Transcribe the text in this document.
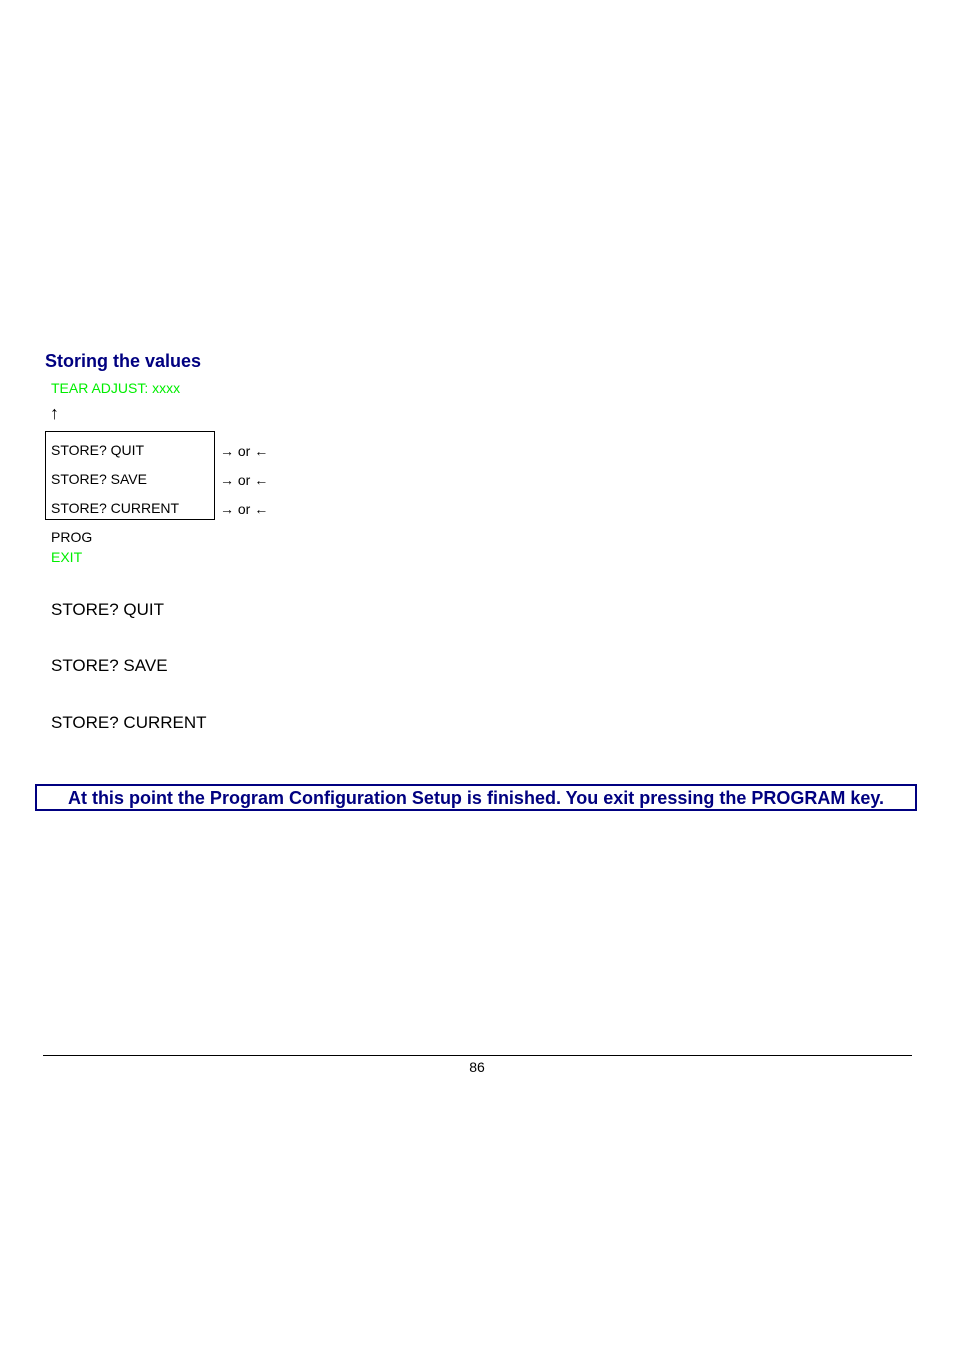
Storing the values
TEAR ADJUST: xxxx
↑
STORE? QUIT
STORE? SAVE
STORE? CURRENT
→ or ←
→ or ←
→ or ←
PROG
EXIT
STORE? QUIT
STORE? SAVE
STORE? CURRENT
At this point the Program Configuration Setup is finished. You exit pressing the PROGRAM key.
86
